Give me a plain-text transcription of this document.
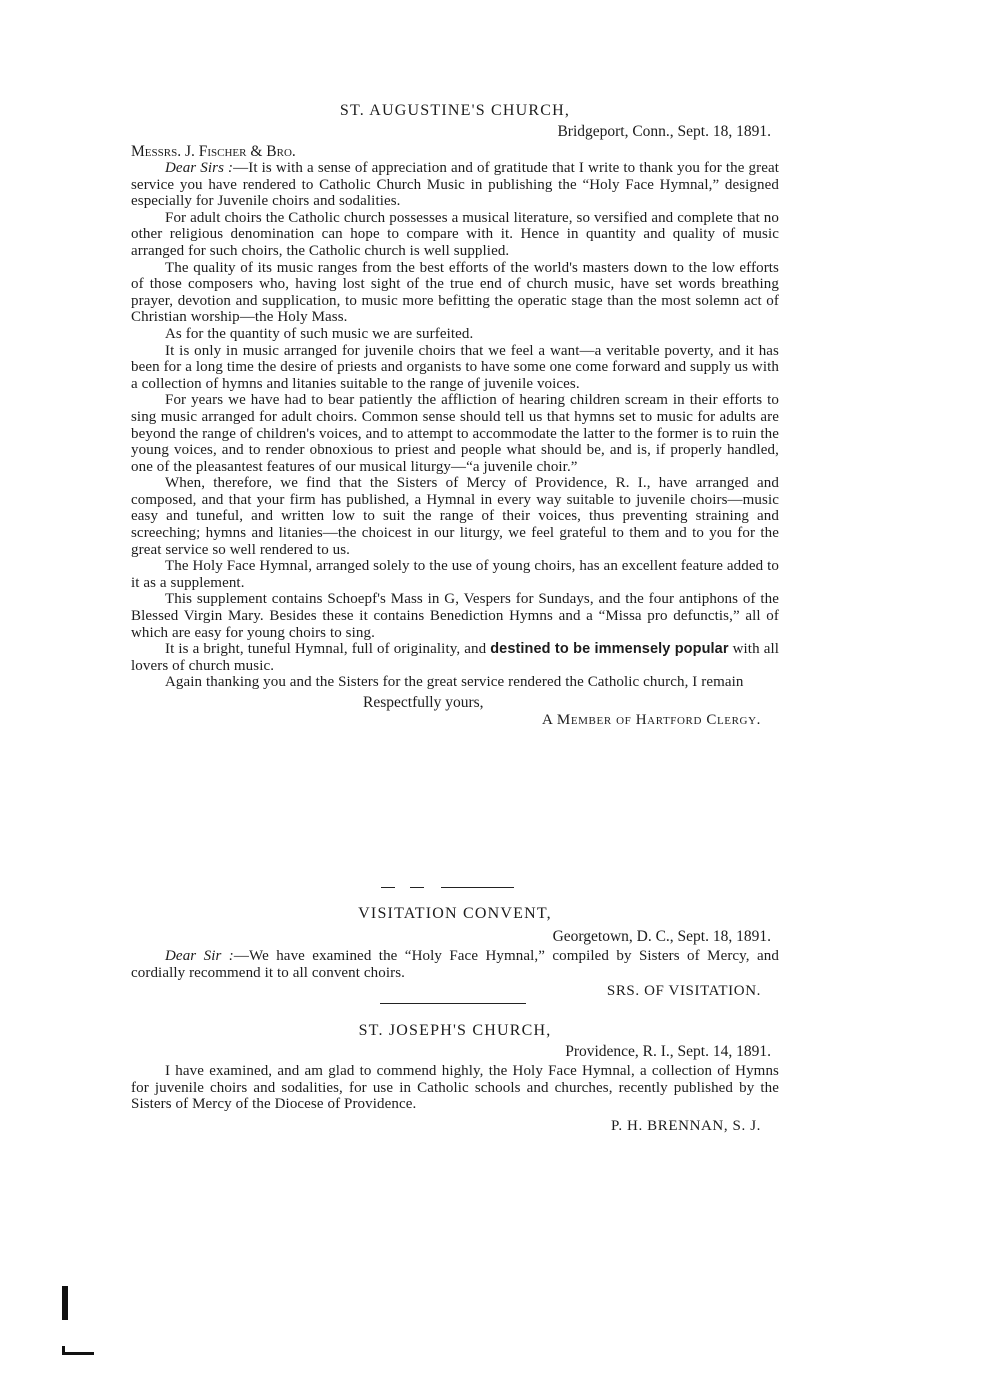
ST. AUGUSTINE'S CHURCH,

Bridgeport, Conn., Sept. 18, 1891.

Messrs. J. Fischer & Bro.

Dear Sirs :—It is with a sense of appreciation and of gratitude that I write to thank you for the great service you have rendered to Catholic Church Music in publishing the “Holy Face Hymnal,” designed especially for Juvenile choirs and sodalities.

For adult choirs the Catholic church possesses a musical literature, so versified and complete that no other religious denomination can hope to compare with it. Hence in quantity and quality of music arranged for such choirs, the Catholic church is well supplied.

The quality of its music ranges from the best efforts of the world's masters down to the low efforts of those composers who, having lost sight of the true end of church music, have set words breathing prayer, devotion and supplication, to music more befitting the operatic stage than the most solemn act of Christian worship—the Holy Mass.

As for the quantity of such music we are surfeited.

It is only in music arranged for juvenile choirs that we feel a want—a veritable poverty, and it has been for a long time the desire of priests and organists to have some one come forward and supply us with a collection of hymns and litanies suitable to the range of juvenile voices.

For years we have had to bear patiently the affliction of hearing children scream in their efforts to sing music arranged for adult choirs. Common sense should tell us that hymns set to music for adults are beyond the range of children's voices, and to attempt to accommodate the latter to the former is to ruin the young voices, and to render obnoxious to priest and people what should be, and is, if properly handled, one of the pleasantest features of our musical liturgy—“a juvenile choir.”

When, therefore, we find that the Sisters of Mercy of Providence, R. I., have arranged and composed, and that your firm has published, a Hymnal in every way suitable to juvenile choirs—music easy and tuneful, and written low to suit the range of their voices, thus preventing straining and screeching; hymns and litanies—the choicest in our liturgy, we feel grateful to them and to you for the great service so well rendered to us.

The Holy Face Hymnal, arranged solely to the use of young choirs, has an excellent feature added to it as a supplement.

This supplement contains Schoepf's Mass in G, Vespers for Sundays, and the four antiphons of the Blessed Virgin Mary. Besides these it contains Benediction Hymns and a “Missa pro defunctis,” all of which are easy for young choirs to sing.

It is a bright, tuneful Hymnal, full of originality, and destined to be immensely popular with all lovers of church music.

Again thanking you and the Sisters for the great service rendered the Catholic church, I remain

Respectfully yours,

A Member of Hartford Clergy.

VISITATION CONVENT,

Georgetown, D. C., Sept. 18, 1891.

Dear Sir :—We have examined the “Holy Face Hymnal,” compiled by Sisters of Mercy, and cordially recommend it to all convent choirs.

SRS. OF VISITATION.

ST. JOSEPH'S CHURCH,

Providence, R. I., Sept. 14, 1891.

I have examined, and am glad to commend highly, the Holy Face Hymnal, a collection of Hymns for juvenile choirs and sodalities, for use in Catholic schools and churches, recently published by the Sisters of Mercy of the Diocese of Providence.

P. H. BRENNAN, S. J.
